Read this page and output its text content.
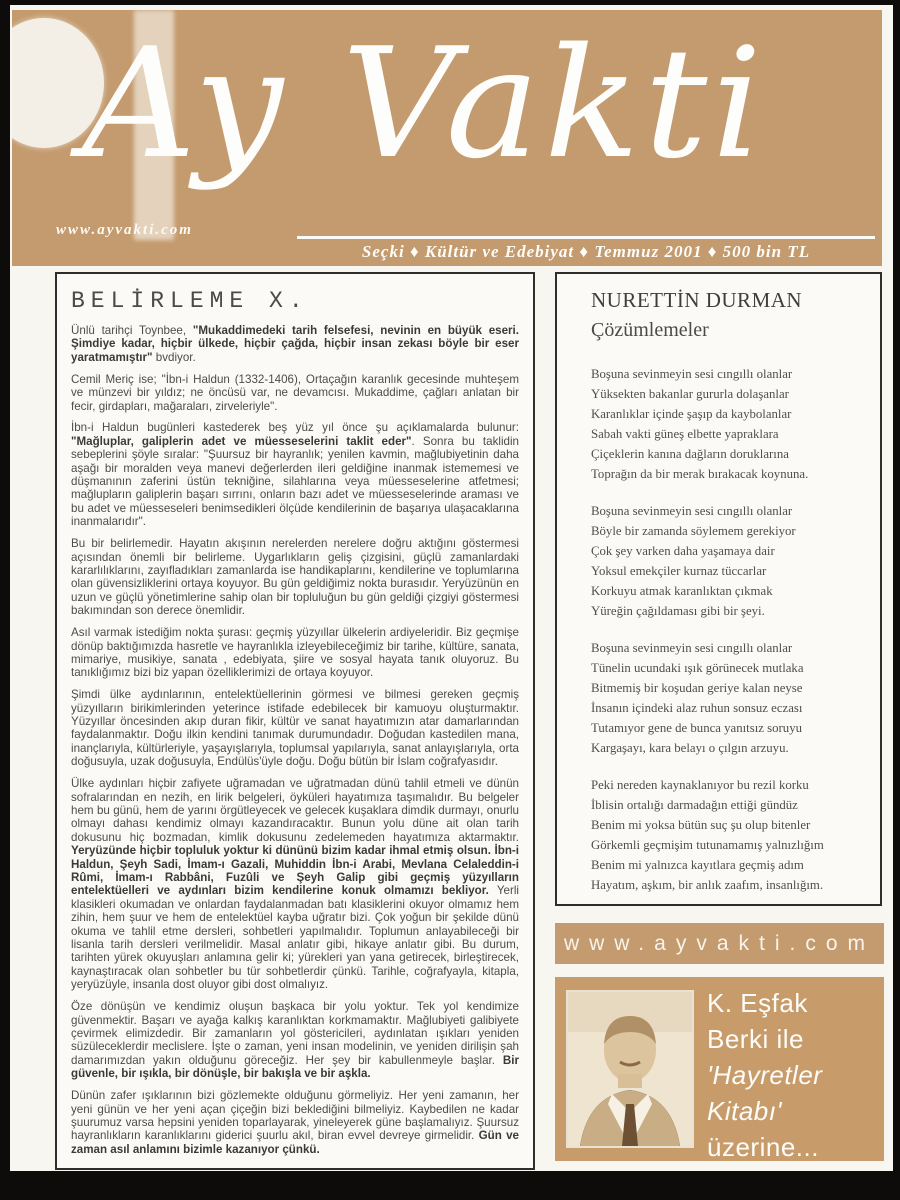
Ay Vakti

www.ayvakti.com

Seçki ♦ Kültür ve Edebiyat ♦ Temmuz 2001 ♦ 500 bin TL

BELİRLEME X.

Ünlü tarihçi Toynbee, "Mukaddimedeki tarih felsefesi, nevinin en büyük eseri. Şimdiye kadar, hiçbir ülkede, hiçbir çağda, hiçbir insan zekası böyle bir eser yaratmamıştır" bvdiyor.

Cemil Meriç ise; "İbn-i Haldun (1332-1406), Ortaçağın karanlık gecesinde muhteşem ve münzevi bir yıldız; ne öncüsü var, ne devamcısı. Mukaddime, çağları anlatan bir fecir, girdapları, mağaraları, zirveleriyle".

İbn-i Haldun bugünleri kastederek beş yüz yıl önce şu açıklamalarda bulunur: "Mağluplar, galiplerin adet ve müesseselerini taklit eder". Sonra bu taklidin sebeplerini şöyle sıralar: "Şuursuz bir hayranlık; yenilen kavmin, mağlubiyetinin daha aşağı bir moralden veya manevi değerlerden ileri geldiğine inanmak istememesi ve düşmanının zaferini üstün tekniğine, silahlarına veya müesseselerine atfetmesi; mağlupların galiplerin başarı sırrını, onların bazı adet ve müesseselerinde araması ve bu adet ve müesseseleri benimsedikleri ölçüde kendilerinin de başarıya ulaşacaklarına inanmalarıdır".

Bu bir belirlemedir. Hayatın akışının nerelerden nerelere doğru aktığını göstermesi açısından önemli bir belirleme. Uygarlıkların geliş çizgisini, güçlü zamanlardaki kararlılıklarını, zayıfladıkları zamanlarda ise handikaplarını, kendilerine ve toplumlarına olan güvensizliklerini ortaya koyuyor. Bu gün geldiğimiz nokta burasıdır. Yeryüzünün en uzun ve güçlü yönetimlerine sahip olan bir topluluğun bu gün geldiği çizgiyi göstermesi bakımından son derece önemlidir.

Asıl varmak istediğim nokta şurası: geçmiş yüzyıllar ülkelerin ardiyeleridir. Biz geçmişe dönüp baktığımızda hasretle ve hayranlıkla izleyebileceğimiz bir tarihe, kültüre, sanata, mimariye, musikiye, sanata , edebiyata, şiire ve sosyal hayata tanık oluyoruz. Bu tanıklığımız bizi biz yapan özelliklerimizi de ortaya koyuyor.

Şimdi ülke aydınlarının, entelektüellerinin görmesi ve bilmesi gereken geçmiş yüzyılların birikimlerinden yeterince istifade edebilecek bir kamuoyu oluşturmaktır. Yüzyıllar öncesinden akıp duran fikir, kültür ve sanat hayatımızın atar damarlarından faydalanmaktır. Doğu ilkin kendini tanımak durumundadır. Doğudan kastedilen mana, inançlarıyla, kültürleriyle, yaşayışlarıyla, toplumsal yapılarıyla, sanat anlayışlarıyla, orta doğusuyla, uzak doğusuyla, Endülüs'üyle doğu. Doğu bütün bir İslam coğrafyasıdır.

Ülke aydınları hiçbir zafiyete uğramadan ve uğratmadan dünü tahlil etmeli ve dünün sofralarından en nezih, en lirik belgeleri, öyküleri hayatımıza taşımalıdır. Bu belgeler hem bu günü, hem de yarını örgütleyecek ve gelecek kuşaklara dimdik durmayı, onurlu olmayı dahası kendimiz olmayı kazandıracaktır. Bunun yolu düne ait olan tarih dokusunu hiç bozmadan, kimlik dokusunu zedelemeden hayatımıza aktarmaktır. Yeryüzünde hiçbir topluluk yoktur ki dününü bizim kadar ihmal etmiş olsun. İbn-i Haldun, Şeyh Sadi, İmam-ı Gazali, Muhiddin İbn-i Arabi, Mevlana Celaleddin-i Rûmi, İmam-ı Rabbâni, Fuzûli ve Şeyh Galip gibi geçmiş yüzyılların entelektüelleri ve aydınları bizim kendilerine konuk olmamızı bekliyor. Yerli klasikleri okumadan ve onlardan faydalanmadan batı klasiklerini okuyor olmamız hem zihin, hem şuur ve hem de entelektüel kayba uğratır bizi. Çok yoğun bir şekilde dünü okuma ve tahlil etme dersleri, sohbetleri yapılmalıdır. Toplumun anlayabileceği bir lisanla tarih dersleri verilmelidir. Masal anlatır gibi, hikaye anlatır gibi. Bu durum, tarihten yürek okuyuşları anlamına gelir ki; yürekleri yan yana getirecek, birleştirecek, kaynaştıracak olan sohbetler bu tür sohbetlerdir çünkü. Tarihle, coğrafyayla, kitapla, yeryüzüyle, insanla dost oluyor gibi dost olmalıyız.

Öze dönüşün ve kendimiz oluşun başkaca bir yolu yoktur. Tek yol kendimize güvenmektir. Başarı ve ayağa kalkış karanlıktan korkmamaktır. Mağlubiyeti galibiyete çevirmek elimizdedir. Bir zamanların yol göstericileri, aydınlatan ışıkları yeniden süzüleceklerdir meclislere. İşte o zaman, yeni insan modelinin, ve yeniden dirilişin şah damarımızdan yakın olduğunu göreceğiz. Her şey bir kabullenmeyle başlar. Bir güvenle, bir ışıkla, bir dönüşle, bir bakışla ve bir aşkla.

Dünün zafer ışıklarının bizi gözlemekte olduğunu görmeliyiz. Her yeni zamanın, her yeni günün ve her yeni açan çiçeğin bizi beklediğini bilmeliyiz. Kaybedilen ne kadar şuurumuz varsa hepsini yeniden toparlayarak, yineleyerek güne başlamalıyız. Şuursuz hayranlıkların karanlıklarını giderici şuurlu akıl, biran evvel devreye girmelidir. Gün ve zaman asıl anlamını bizimle kazanıyor çünkü.

NURETTİN DURMAN
Çözümlemeler
Boşuna sevinmeyin sesi cıngıllı olanlar
Yüksekten bakanlar gururla dolaşanlar
Karanlıklar içinde şaşıp da kaybolanlar
Sabah vakti güneş elbette yapraklara
Çiçeklerin kanına dağların doruklarına
Toprağın da bir merak bırakacak koynuna.
Boşuna sevinmeyin sesi cıngıllı olanlar
Böyle bir zamanda söylemem gerekiyor
Çok şey varken daha yaşamaya dair
Yoksul emekçiler kurnaz tüccarlar
Korkuyu atmak karanlıktan çıkmak
Yüreğin çağıldaması gibi bir şeyi.
Boşuna sevinmeyin sesi cıngıllı olanlar
Tünelin ucundaki ışık görünecek mutlaka
Bitmemiş bir koşudan geriye kalan neyse
İnsanın içindeki alaz ruhun sonsuz eczası
Tutamıyor gene de bunca yanıtsız soruyu
Kargaşayı, kara belayı o çılgın arzuyu.
Peki nereden kaynaklanıyor bu rezil korku
İblisin ortalığı darmadağın ettiği gündüz
Benim mi yoksa bütün suç şu olup bitenler
Görkemli geçmişim tutunamamış yalnızlığım
Benim mi yalnızca kayıtlara geçmiş adım
Hayatım, aşkım, bir anlık zaafım, insanlığım.
www.ayvakti.com
K. Eşfak
Berki ile
'Hayretler
Kitabı'
üzerine...
